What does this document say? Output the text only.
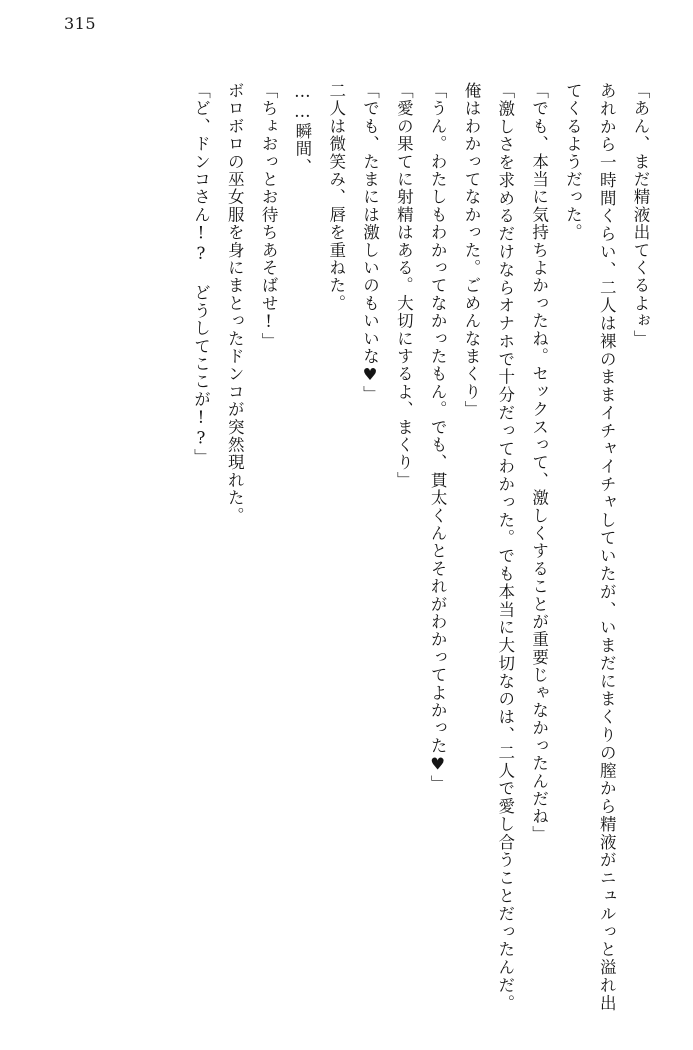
315

「あん、まだ精液出てくるよぉ」

あれから一時間くらい、二人は裸のままイチャイチャしていたが、いまだにまくりの膣から精液がニュルっと溢れ出てくるようだった。

「でも、本当に気持ちよかったね。セックスって、激しくすることが重要じゃなかったんだね」

「激しさを求めるだけならオナホで十分だってわかった。でも本当に大切なのは、二人で愛し合うことだったんだ。俺はわかってなかった。ごめんなまくり」

「うん。わたしもわかってなかったもん。でも、貫太くんとそれがわかってよかった♥」

「愛の果てに射精はある。大切にするよ、まくり」

「でも、たまには激しいのもいいな♥」

二人は微笑み、唇を重ねた。

……瞬間、

「ちょおっとお待ちあそばせ!」

ボロボロの巫女服を身にまとったドンコが突然現れた。

「ど、ドンコさん!? どうしてここが!?」
